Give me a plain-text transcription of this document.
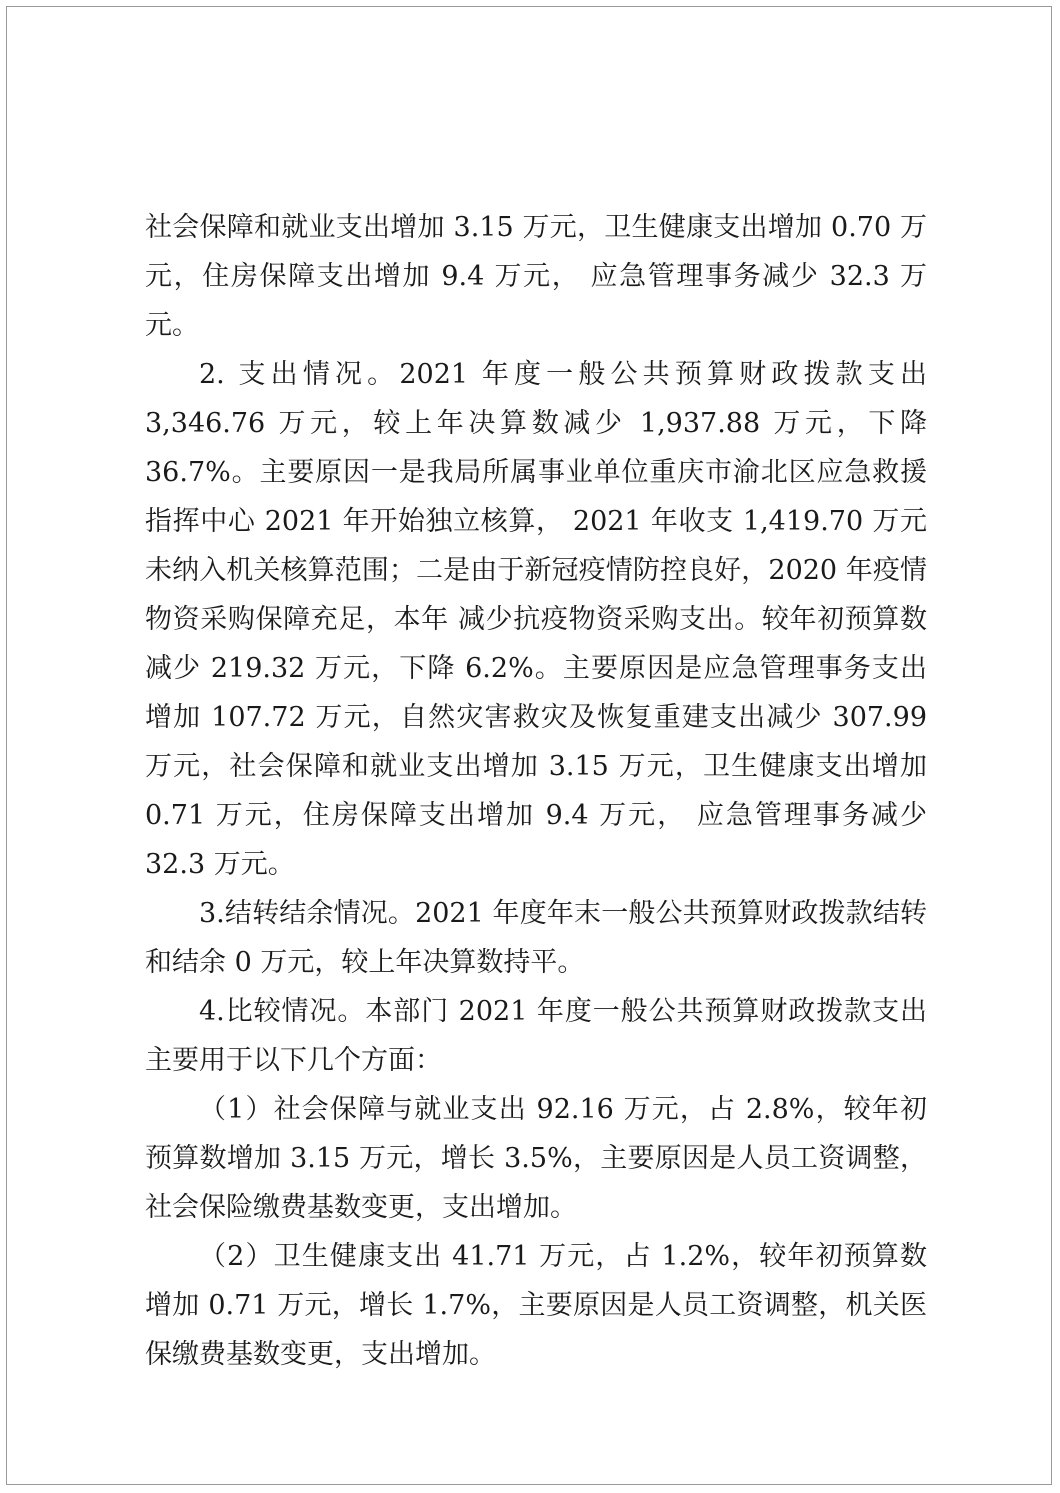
社会保障和就业支出增加 3.15 万元，卫生健康支出增加 0.70 万元，住房保障支出增加 9.4 万元， 应急管理事务减少 32.3 万元。

2. 支出情况。2021 年度一般公共预算财政拨款支出 3,346.76 万元，较上年决算数减少 1,937.88 万元，下降 36.7%。主要原因一是我局所属事业单位重庆市渝北区应急救援指挥中心 2021 年开始独立核算， 2021 年收支 1,419.70 万元未纳入机关核算范围；二是由于新冠疫情防控良好，2020 年疫情物资采购保障充足，本年 减少抗疫物资采购支出。较年初预算数减少 219.32 万元，下降 6.2%。主要原因是应急管理事务支出增加 107.72 万元，自然灾害救灾及恢复重建支出减少 307.99 万元，社会保障和就业支出增加 3.15 万元，卫生健康支出增加 0.71 万元，住房保障支出增加 9.4 万元， 应急管理事务减少 32.3 万元。

3.结转结余情况。2021 年度年末一般公共预算财政拨款结转和结余 0 万元，较上年决算数持平。

4.比较情况。本部门 2021 年度一般公共预算财政拨款支出主要用于以下几个方面：

（1）社会保障与就业支出 92.16 万元，占 2.8%，较年初预算数增加 3.15 万元，增长 3.5%，主要原因是人员工资调整，社会保险缴费基数变更，支出增加。

（2）卫生健康支出 41.71 万元，占 1.2%，较年初预算数增加 0.71 万元，增长 1.7%，主要原因是人员工资调整，机关医保缴费基数变更，支出增加。
